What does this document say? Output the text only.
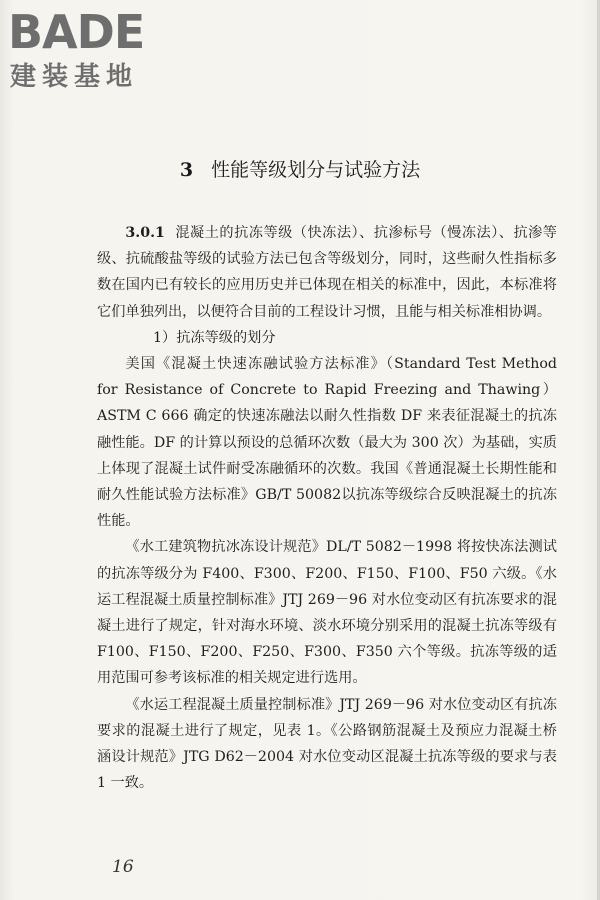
BADE
建装基地
3 性能等级划分与试验方法

3.0.1 混凝土的抗冻等级（快冻法）、抗渗标号（慢冻法）、抗渗等级、抗硫酸盐等级的试验方法已包含等级划分，同时，这些耐久性指标多数在国内已有较长的应用历史并已体现在相关的标准中，因此，本标准将它们单独列出，以便符合目前的工程设计习惯，且能与相关标准相协调。

1）抗冻等级的划分

美国《混凝土快速冻融试验方法标准》（Standard Test Method for Resistance of Concrete to Rapid Freezing and Thawing）ASTM C 666 确定的快速冻融法以耐久性指数 DF 来表征混凝土的抗冻融性能。DF 的计算以预设的总循环次数（最大为 300 次）为基础，实质上体现了混凝土试件耐受冻融循环的次数。我国《普通混凝土长期性能和耐久性能试验方法标准》GB/T 50082以抗冻等级综合反映混凝土的抗冻性能。

《水工建筑物抗冰冻设计规范》DL/T 5082－1998 将按快冻法测试的抗冻等级分为 F400、F300、F200、F150、F100、F50 六级。《水运工程混凝土质量控制标准》JTJ 269－96 对水位变动区有抗冻要求的混凝土进行了规定，针对海水环境、淡水环境分别采用的混凝土抗冻等级有 F100、F150、F200、F250、F300、F350 六个等级。抗冻等级的适用范围可参考该标准的相关规定进行选用。

《水运工程混凝土质量控制标准》JTJ 269－96 对水位变动区有抗冻要求的混凝土进行了规定，见表 1。《公路钢筋混凝土及预应力混凝土桥涵设计规范》JTG D62－2004 对水位变动区混凝土抗冻等级的要求与表 1 一致。

16
